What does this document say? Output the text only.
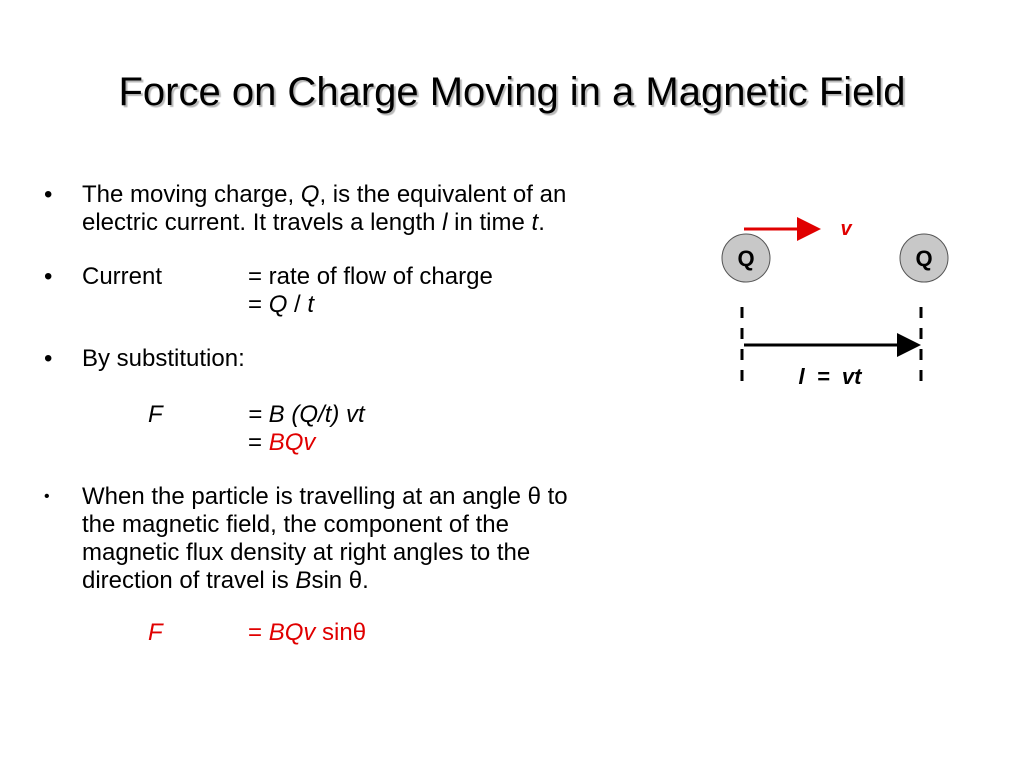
Force on Charge Moving in a Magnetic Field
• The moving charge, Q, is the equivalent of an
electric current. It travels a length l in time t.
• Current	= rate of flow of charge
= Q / t
• By substitution:
F	= B (Q/t) vt
= BQv
• When the particle is travelling at an angle θ to
the magnetic field, the component of the
magnetic flux density at right angles to the
direction of travel is Bsin θ.
F	= BQv sinθ
v
Q	Q
l  =  vt
